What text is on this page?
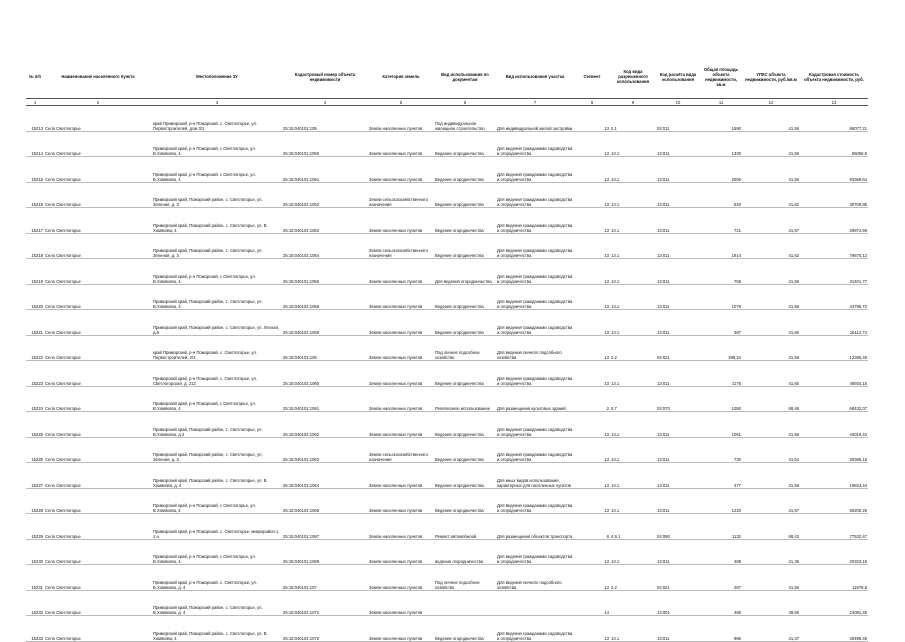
№ п/п	Наименование населенного пункта	Местоположение ЗУ	Кадастровый номер объекта недвижимости	Категория земель	Вид использования по документам	Вид использования участка	Сегмент	Код вида разрешенного использования	Код расчёта вида использования	Общая площадь объекта недвижимости, кв.м	УПКС объекта недвижимости, руб./кв.м	Кадастровая стоимость объекта недвижимости, руб.
1	2	3	4	5	6	7	8	9	10	11	12	13
15213	Село Светлогорье	край Приморский, р-н Пожарский, с. Светлогорье, ул. Первостроителей, дом 3/1	25:15:040101:105	Земли населенных пунктов	Под индивидуальное жилищное строительство	Для индивидуальной жилой застройки	13	2.1	02:011	1590	41,56	66077,21
15214	Село Светлогорье	Приморский край, р-н Пожарский, с Светлогорье, ул. В.Хомякова, 4	25:15:040101:1050	Земли населенных пунктов	Ведение огородничества	Для ведения гражданами садоводства и огородничества	13	13.1	13:011	1330	41,56	55056,5
15215	Село Светлогорье	Приморский край, р-н Пожарский, с Светлогорье, ул. В.Хомякова, 4	25:15:040101:1051	Земли населенных пунктов	Ведение огородничества	Для ведения гражданами садоводства и огородничества	13	13.1	13:011	2006	41,56	83368,64
15216	Село Светлогорье	Приморский край, Пожарский район, с. Светлогорье, ул. Зеленая, д. 3	25:15:040101:1052	Земли сельскохозяйственного назначения	Ведение огородничества	Для ведения гражданами садоводства и огородничества	13	13.1	13:011	520	41,62	30706,86
15217	Село Светлогорье	Приморский край, Пожарский район, с. Светлогорье, ул. В. Хомякова, 4	25:15:040101:1053	Земли населенных пунктов	Ведение огородничества	Для ведения гражданами садоводства и огородничества	13	13.1	13:011	721	41,57	29974,59
15218	Село Светлогорье	Приморский край, Пожарский район, с. Светлогорье, ул. Зеленая, д. 3	25:15:040101:1054	Земли сельскохозяйственного назначения	Ведение огородничества	Для ведения гражданами садоводства и огородничества	13	13.1	13:011	1914	41,62	79670,12
15219	Село Светлогорье	Приморский край, р-н Пожарский, с Светлогорье, ул. В.Хомякова, 4	25:15:040101:1055	Земли населенных пунктов	Для ведения огородничества	Для ведения гражданами садоводства и огородничества	13	13.1	13:011	758	41,56	31401,77
15220	Село Светлогорье	Приморский край, Пожарский район, с. Светлогорье, ул. В.Хомякова, 4	25:15:040101:1056	Земли населенных пунктов	Ведение огородничества	Для ведения гражданами садоводства и огородничества	13	13.1	13:011	1076	41,56	44795,72
15221	Село Светлогорье	Приморский край, Пожарский район, с. Светлогорье, ул. Лесная, д.6	25:15:040101:1059	Земли населенных пунктов	Ведение огородничества	Для ведения гражданами садоводства и огородничества	13	13.1	13:011	387	41,66	16112,74
15222	Село Светлогорье	край Приморский, р-н Пожарский, с. Светлогорье, ул. Первостроителей, 2/3	25:15:040101:106	Земли населенных пунктов	Под личное подсобное хозяйство	Для ведения личного подсобного хозяйства	13	2.2	02:021	298,24	41,56	12395,45
15223	Село Светлогорье	Приморский край, р-н Пожарский, с. Светлогорье, ул. Светлогорская, д. 212	25:15:040101:1060	Земли населенных пунктов	Ведение огородничества	Для ведения гражданами садоводства и огородничества	13	13.1	13:011	1175	41,65	48934,15
15224	Село Светлогорье	Приморский край, р-н Пожарский, с Светлогорье, ул. В.Хомякова, 4	25:15:040101:1061	Земли населенных пунктов	Религиозное использование	Для размещения культовых зданий	2	3.7	03:070	1050	68,49	68432,07
15225	Село Светлогорье	Приморский край, Пожарский район, с. Светлогорье, ул. В.Хомякова, д.4	25:15:040101:1062	Земли населенных пунктов	Ведение огородничества	Для ведения гражданами садоводства и огородничества	13	13.1	13:011	1061	41,56	44019,43
15226	Село Светлогорье	Приморский край, Пожарский район, с. Светлогорье, ул. Зеленая, д. 3	25:15:040101:1063	Земли сельскохозяйственного назначения	Ведение огородничества	Для ведения гражданами садоводства и огородничества	13	13.1	13:011	730	41,64	30396,16
15227	Село Светлогорье	Приморский край, Пожарский район, с. Светлогорье, ул. В. Хомякова, д. 4	25:15:040101:1064	Земли населенных пунктов	Ведение огородничества	Для иных видов использования, характерных для населенных пунктов	13	13.1	13:011	477	41,56	19823,44
15228	Село Светлогорье	Приморский край, р-н Пожарский, с Светлогорье, ул. В.Хомякова, 4	25:15:040101:1065	Земли населенных пунктов	Ведение огородничества	Для ведения гражданами садоводства и огородничества	13	13.1	13:011	1220	41,57	50200,25
15229	Село Светлогорье	Приморский край, р-н Пожарский, с. Светлогорье, микрорайон 1, 1 а	25:15:040101:1067	Земли населенных пунктов	Ремонт автомобилей	Для размещения объектов транспорта	6	4.9.1	04:090	1132	68,43	77532,47
15230	Село Светлогорье	Приморский край, р-н Пожарский, с Светлогорье, ул. В.Хомякова, 4	25:15:040101:1069	Земли населенных пунктов	ведение огородничества	Для ведения гражданами садоводства и огородничества	13	13.1	13:011	489	41,35	20323,16
15231	Село Светлогорье	Приморский край, р-н Пожарский, с. Светлогорье, ул. В.Хомякова, д. 4	25:15:040101:107	Земли населенных пунктов	Под личное подсобное хозяйство	Для ведения личного подсобного хозяйства	13	2.2	02:021	287	41,56	11676,8
15232	Село Светлогорье	Приморский край, Пожарский район, с. Светлогорье, ул. В.Хомякова, д. 4	25:15:040101:1071	Земли населенных пунктов			14		14:001	485	49,65	24081,49
15233	Село Светлогорье	Приморский край, Пожарский район, с. Светлогорье, ул. В. Хомякова, 4	25:15:040101:1072	Земли населенных пунктов	Ведение огородничества	Для ведения гражданами садоводства и огородничества	13	13.1	13:011	986	41,37	40498,46
